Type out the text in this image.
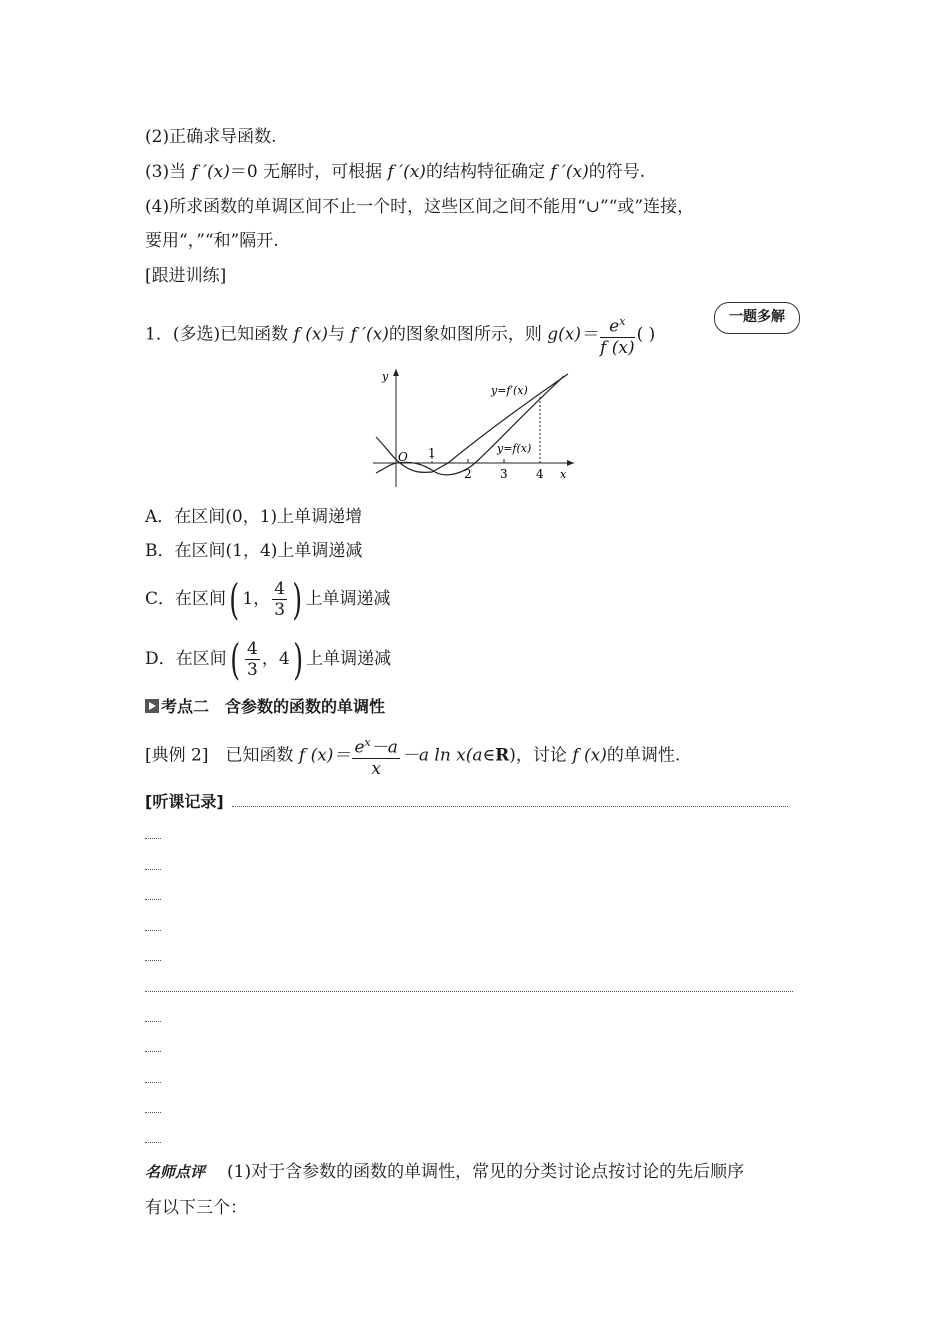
(2)正确求导函数.
(3)当 f ′(x)＝0 无解时，可根据 f ′(x)的结构特征确定 f ′(x)的符号.
(4)所求函数的单调区间不止一个时，这些区间之间不能用“∪”“或”连接，
要用“，”“和”隔开.
[跟进训练]
1．(多选)已知函数 f (x)与 f ′(x)的图象如图所示，则 $g(x)= \frac{e^x}{f (x)}$ ( )
一题多解
y
x
O 1
2 3 4
y=f′(x)
y=f(x)
A．在区间(0，1)上单调递增
B．在区间(1，4)上单调递减
C．在区间( 1， $\frac{4}{3}$ ) 上单调递减
D．在区间( $\frac{4}{3}$ ，4) 上单调递减
考点二　含参数的函数的单调性
[典例 2]　已知函数 f $(x)= \frac{e^x-a}{x} -a$ ln x(a∈R)，讨论 f (x)的单调性.
[听课记录]
名师点评 (1)对于含参数的函数的单调性，常见的分类讨论点按讨论的先后顺序
有以下三个：
